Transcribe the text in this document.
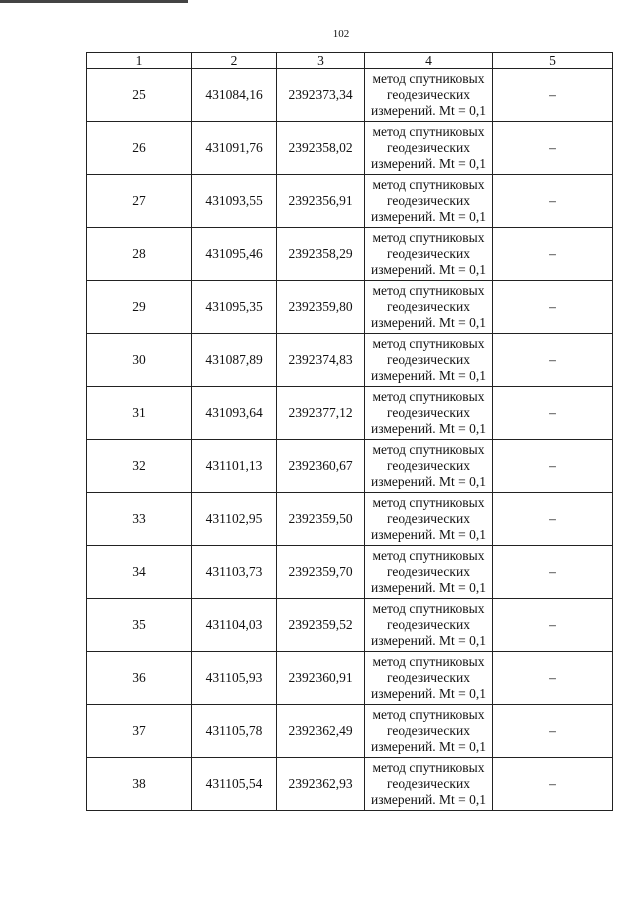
102
1	2	3	4	5
25	431084,16	2392373,34	метод спутниковых
геодезических
измерений. Mt = 0,1	–
26	431091,76	2392358,02	метод спутниковых
геодезических
измерений. Mt = 0,1	–
27	431093,55	2392356,91	метод спутниковых
геодезических
измерений. Mt = 0,1	–
28	431095,46	2392358,29	метод спутниковых
геодезических
измерений. Mt = 0,1	–
29	431095,35	2392359,80	метод спутниковых
геодезических
измерений. Mt = 0,1	–
30	431087,89	2392374,83	метод спутниковых
геодезических
измерений. Mt = 0,1	–
31	431093,64	2392377,12	метод спутниковых
геодезических
измерений. Mt = 0,1	–
32	431101,13	2392360,67	метод спутниковых
геодезических
измерений. Mt = 0,1	–
33	431102,95	2392359,50	метод спутниковых
геодезических
измерений. Mt = 0,1	–
34	431103,73	2392359,70	метод спутниковых
геодезических
измерений. Mt = 0,1	–
35	431104,03	2392359,52	метод спутниковых
геодезических
измерений. Mt = 0,1	–
36	431105,93	2392360,91	метод спутниковых
геодезических
измерений. Mt = 0,1	–
37	431105,78	2392362,49	метод спутниковых
геодезических
измерений. Mt = 0,1	–
38	431105,54	2392362,93	метод спутниковых
геодезических
измерений. Mt = 0,1	–
